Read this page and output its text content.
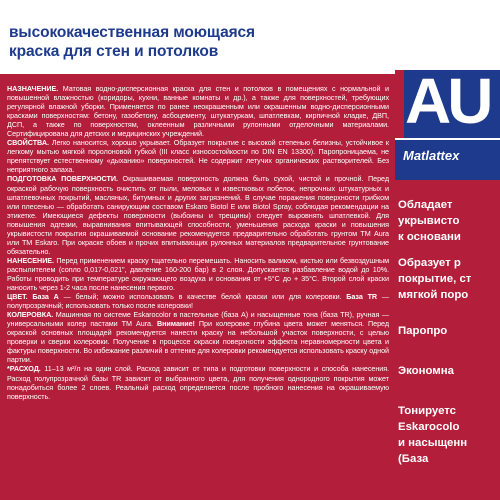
высококачественная моющаяся
краска для стен и потолков

НАЗНАЧЕНИЕ. Матовая водно-дисперсионная краска для стен и потолков в помещениях с нормальной и повышенной влажностью (коридоры, кухни, ванные комнаты и др.), а также для поверхностей, требующих регулярной влажной уборки. Применяется по ранее неокрашенным или окрашенным водно-дисперсионными красками поверхностям: бетону, газобетону, асбоцементу, штукатуркам, шпатлевкам, кирпичной кладке, ДВП, ДСП, а также по поверхностям, оклеенным различными рулонными отделочными материалами. Сертифицирована для детских и медицинских учреждений.

СВОЙСТВА. Легко наносится, хорошо укрывает. Образует покрытие с высокой степенью белизны, устойчивое к легкому мытью мягкой поролоновой губкой (III класс износостойкости по DIN EN 13300). Паропроницаема, не препятствует естественному «дыханию» поверхностей. Не содержит летучих органических растворителей. Без неприятного запаха.

ПОДГОТОВКА ПОВЕРХНОСТИ. Окрашиваемая поверхность должна быть сухой, чистой и прочной. Перед окраской рабочую поверхность очистить от пыли, меловых и известковых побелок, непрочных штукатурных и шпатлевочных покрытий, масляных, битумных и других загрязнений. В случае поражения поверхности грибком или плесенью — обработать санирующим составом Eskaro Biotol E или Biotol Spray, соблюдая рекомендации на этикетке. Имеющиеся дефекты поверхности (выбоины и трещины) следует выровнять шпатлевкой. Для повышения адгезии, выравнивания впитывающей способности, уменьшения расхода краски и повышения укрывистости покрытия окрашиваемой основание рекомендуется предварительно обработать грунтом ТМ Aura или ТМ Eskaro. При окраске обоев и прочих впитывающих рулонных материалов предварительное грунтование обязательно.

НАНЕСЕНИЕ. Перед применением краску тщательно перемешать. Наносить валиком, кистью или безвоздушным распылителем (сопло 0,017-0,021", давление 160-200 бар) в 2 слоя. Допускается разбавление водой до 10%. Работы проводить при температуре окружающего воздуха и основания от +5°C до + 35°C. Второй слой краски наносить через 1-2 часа после нанесения первого.

ЦВЕТ. База А — белый; можно использовать в качестве белой краски или для колеровки. База TR — полупрозрачный; использовать только после колеровки!

КОЛЕРОВКА. Машинная по системе Eskarocolor в пастельные (база А) и насыщенные тона (база TR), ручная — универсальными колер пастами ТМ Aura. Внимание! При колеровке глубина цвета может меняться. Перед окраской основных площадей рекомендуется нанести краску на небольшой участок поверхности, с целью проверки и сверки колеровки. Получение в процессе окраски поверхности эффекта неравномерности цвета и фактуры поверхности. Во избежание различий в оттенке для колеровки рекомендуется использовать краску одной партии.

*РАСХОД. 11–13 м²/л на один слой. Расход зависит от типа и подготовки поверхности и способа нанесения. Расход полупрозрачной базы TR зависит от выбранного цвета, для получения однородного покрытия может понадобиться более 2 слоев. Реальный расход определяется после пробного нанесения на окрашиваемую поверхность.

AU
Matlattex
Обладает
укрывисто
к основани
Образует р
покрытие, ст
мягкой поро
Паропро
Экономна
Тонируетс
Eskarocolo
и насыщенн
(База
